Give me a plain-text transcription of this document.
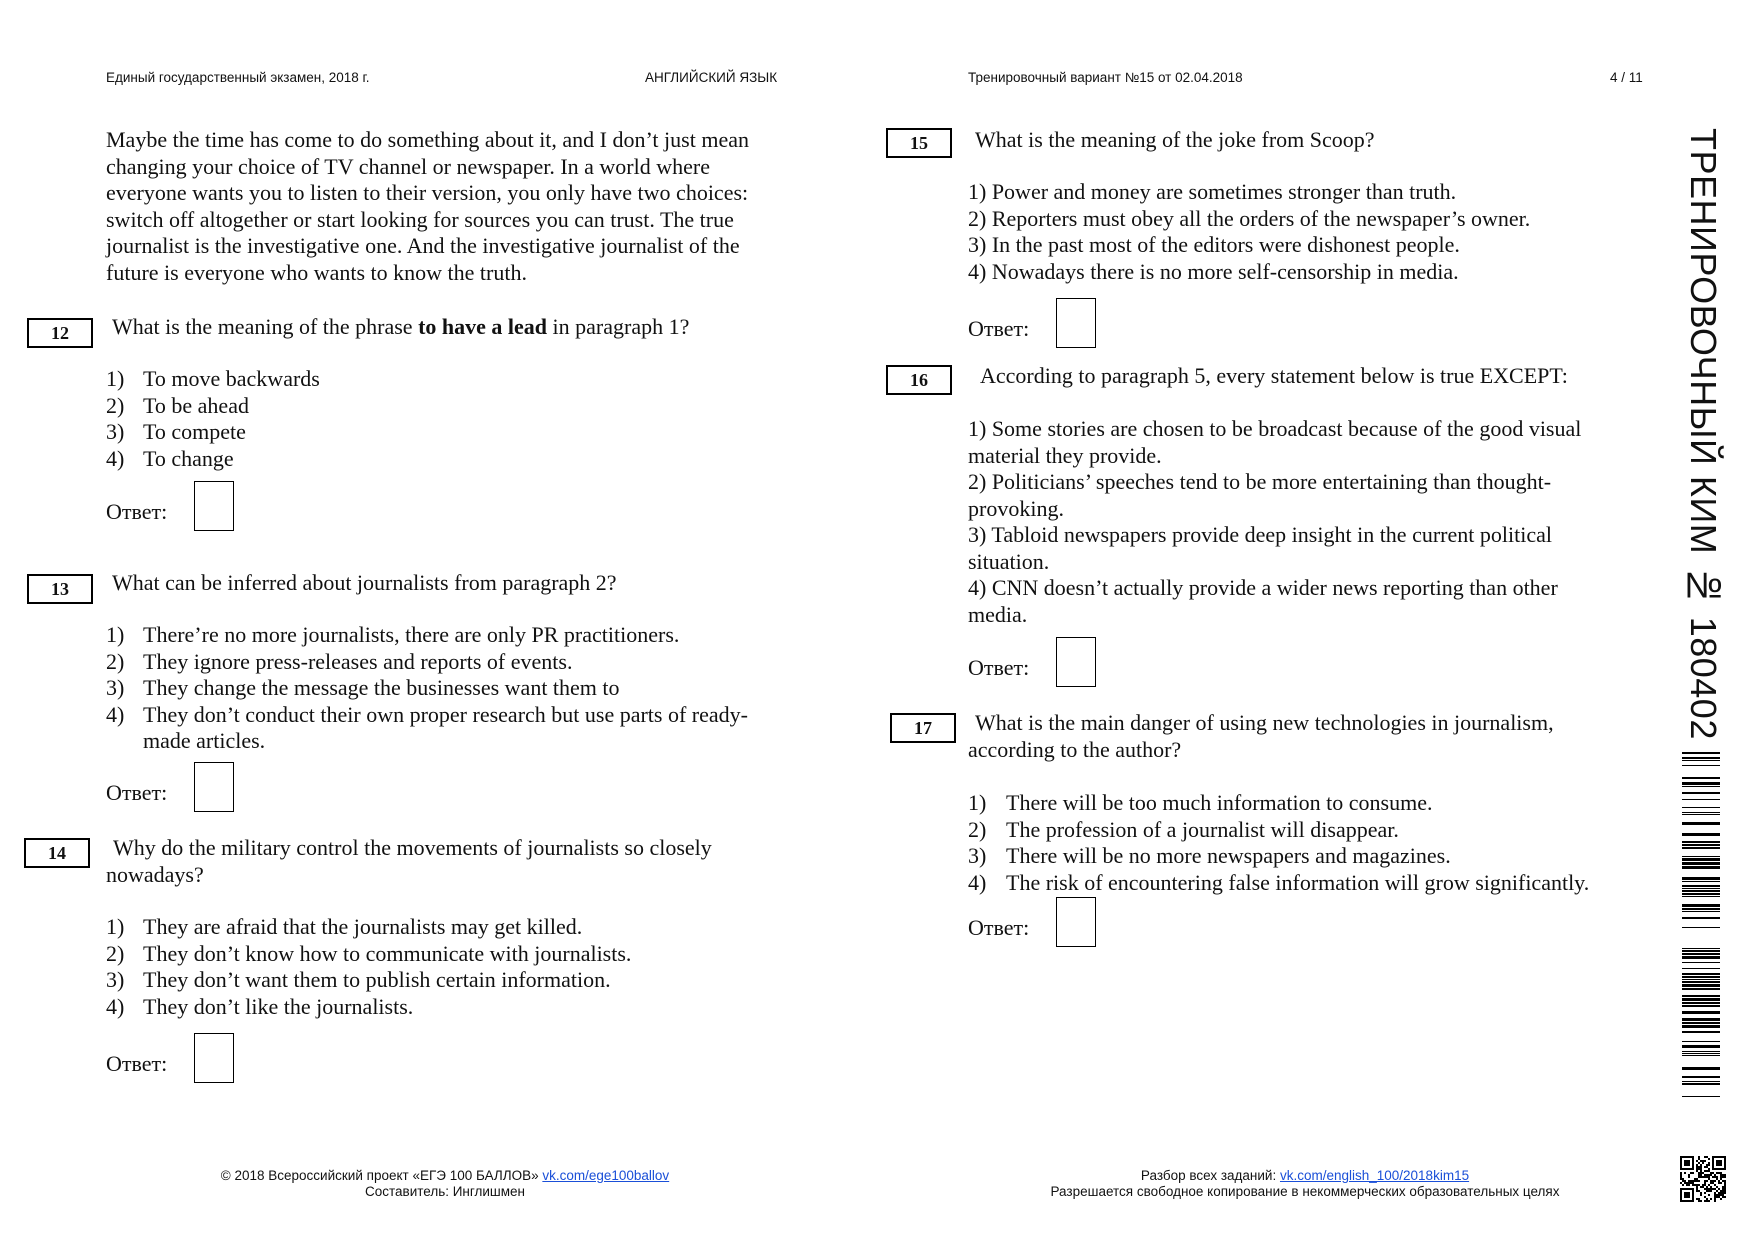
Единый государственный экзамен, 2018 г.	АНГЛИЙСКИЙ ЯЗЫК	Тренировочный вариант №15 от 02.04.2018	4 / 11
Maybe the time has come to do something about it, and I don’t just mean
changing your choice of TV channel or newspaper. In a world where
everyone wants you to listen to their version, you only have two choices:
switch off altogether or start looking for sources you can trust. The true
journalist is the investigative one. And the investigative journalist of the
future is everyone who wants to know the truth.
12	What is the meaning of the phrase to have a lead in paragraph 1?
1) To move backwards
2) To be ahead
3) To compete
4) To change
Ответ:
13	What can be inferred about journalists from paragraph 2?
1) There’re no more journalists, there are only PR practitioners.
2) They ignore press-releases and reports of events.
3) They change the message the businesses want them to
4) They don’t conduct their own proper research but use parts of ready-
made articles.
Ответ:
14	Why do the military control the movements of journalists so closely
nowadays?
1) They are afraid that the journalists may get killed.
2) They don’t know how to communicate with journalists.
3) They don’t want them to publish certain information.
4) They don’t like the journalists.
Ответ:
15	What is the meaning of the joke from Scoop?
1) Power and money are sometimes stronger than truth.
2) Reporters must obey all the orders of the newspaper’s owner.
3) In the past most of the editors were dishonest people.
4) Nowadays there is no more self-censorship in media.
Ответ:
16	According to paragraph 5, every statement below is true EXCEPT:
1) Some stories are chosen to be broadcast because of the good visual
material they provide.
2) Politicians’ speeches tend to be more entertaining than thought-
provoking.
3) Tabloid newspapers provide deep insight in the current political
situation.
4) CNN doesn’t actually provide a wider news reporting than other
media.
Ответ:
17	What is the main danger of using new technologies in journalism,
according to the author?
1) There will be too much information to consume.
2) The profession of a journalist will disappear.
3) There will be no more newspapers and magazines.
4) The risk of encountering false information will grow significantly.
Ответ:
ТРЕНИРОВОЧНЫЙ КИМ № 180402
© 2018 Всероссийский проект «ЕГЭ 100 БАЛЛОВ» vk.com/ege100ballov
Составитель: Инглишмен
Разбор всех заданий: vk.com/english_100/2018kim15
Разрешается свободное копирование в некоммерческих образовательных целях
